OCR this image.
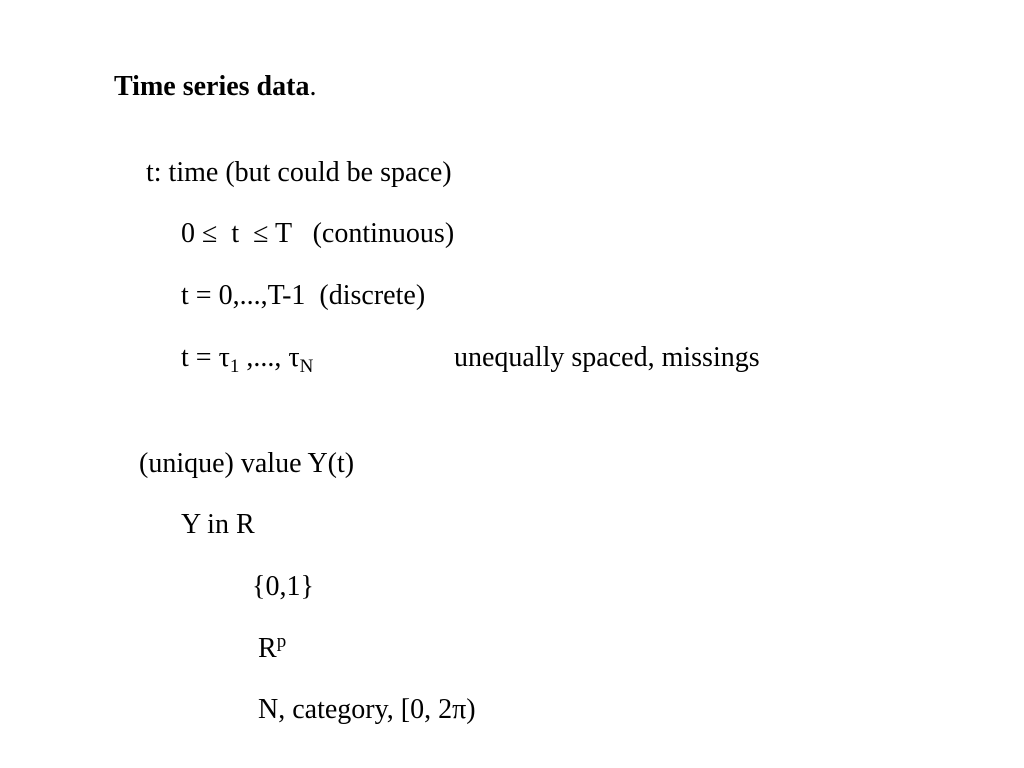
Time series data.
t: time (but could be space)
0 ≤  t  ≤ T   (continuous)
t = 0,...,T-1  (discrete)
$t = \tau_1$ ,..., $\tau_N$	unequally spaced, missings
(unique) value Y(t)
Y in R
{0,1}
$R^p$
N, category, [0, 2π)
